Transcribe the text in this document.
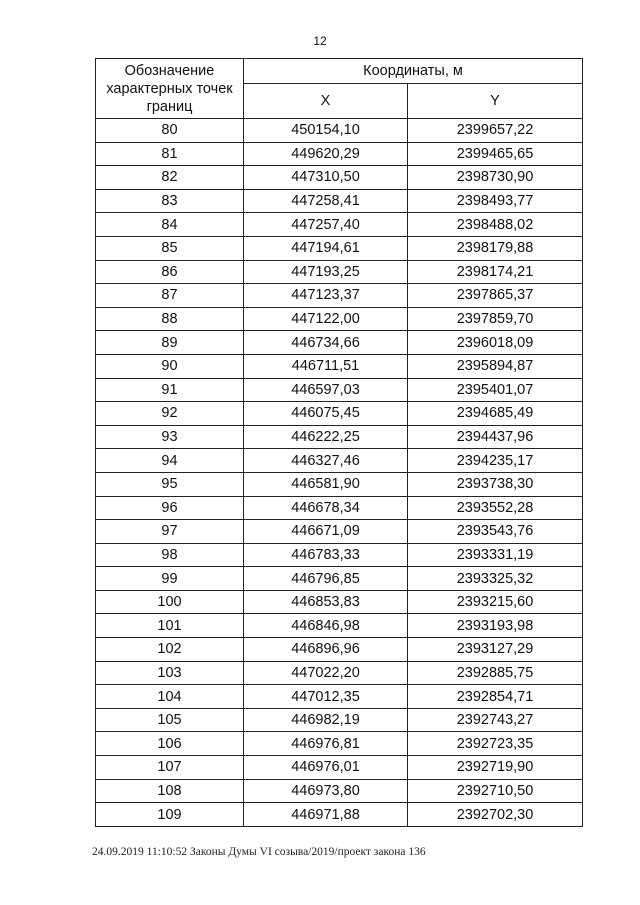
12
Обозначение характерных точек границ	Координаты, м	
	X	Y
80	450154,10	2399657,22
81	449620,29	2399465,65
82	447310,50	2398730,90
83	447258,41	2398493,77
84	447257,40	2398488,02
85	447194,61	2398179,88
86	447193,25	2398174,21
87	447123,37	2397865,37
88	447122,00	2397859,70
89	446734,66	2396018,09
90	446711,51	2395894,87
91	446597,03	2395401,07
92	446075,45	2394685,49
93	446222,25	2394437,96
94	446327,46	2394235,17
95	446581,90	2393738,30
96	446678,34	2393552,28
97	446671,09	2393543,76
98	446783,33	2393331,19
99	446796,85	2393325,32
100	446853,83	2393215,60
101	446846,98	2393193,98
102	446896,96	2393127,29
103	447022,20	2392885,75
104	447012,35	2392854,71
105	446982,19	2392743,27
106	446976,81	2392723,35
107	446976,01	2392719,90
108	446973,80	2392710,50
109	446971,88	2392702,30
24.09.2019 11:10:52 Законы Думы VI созыва/2019/проект закона 136
